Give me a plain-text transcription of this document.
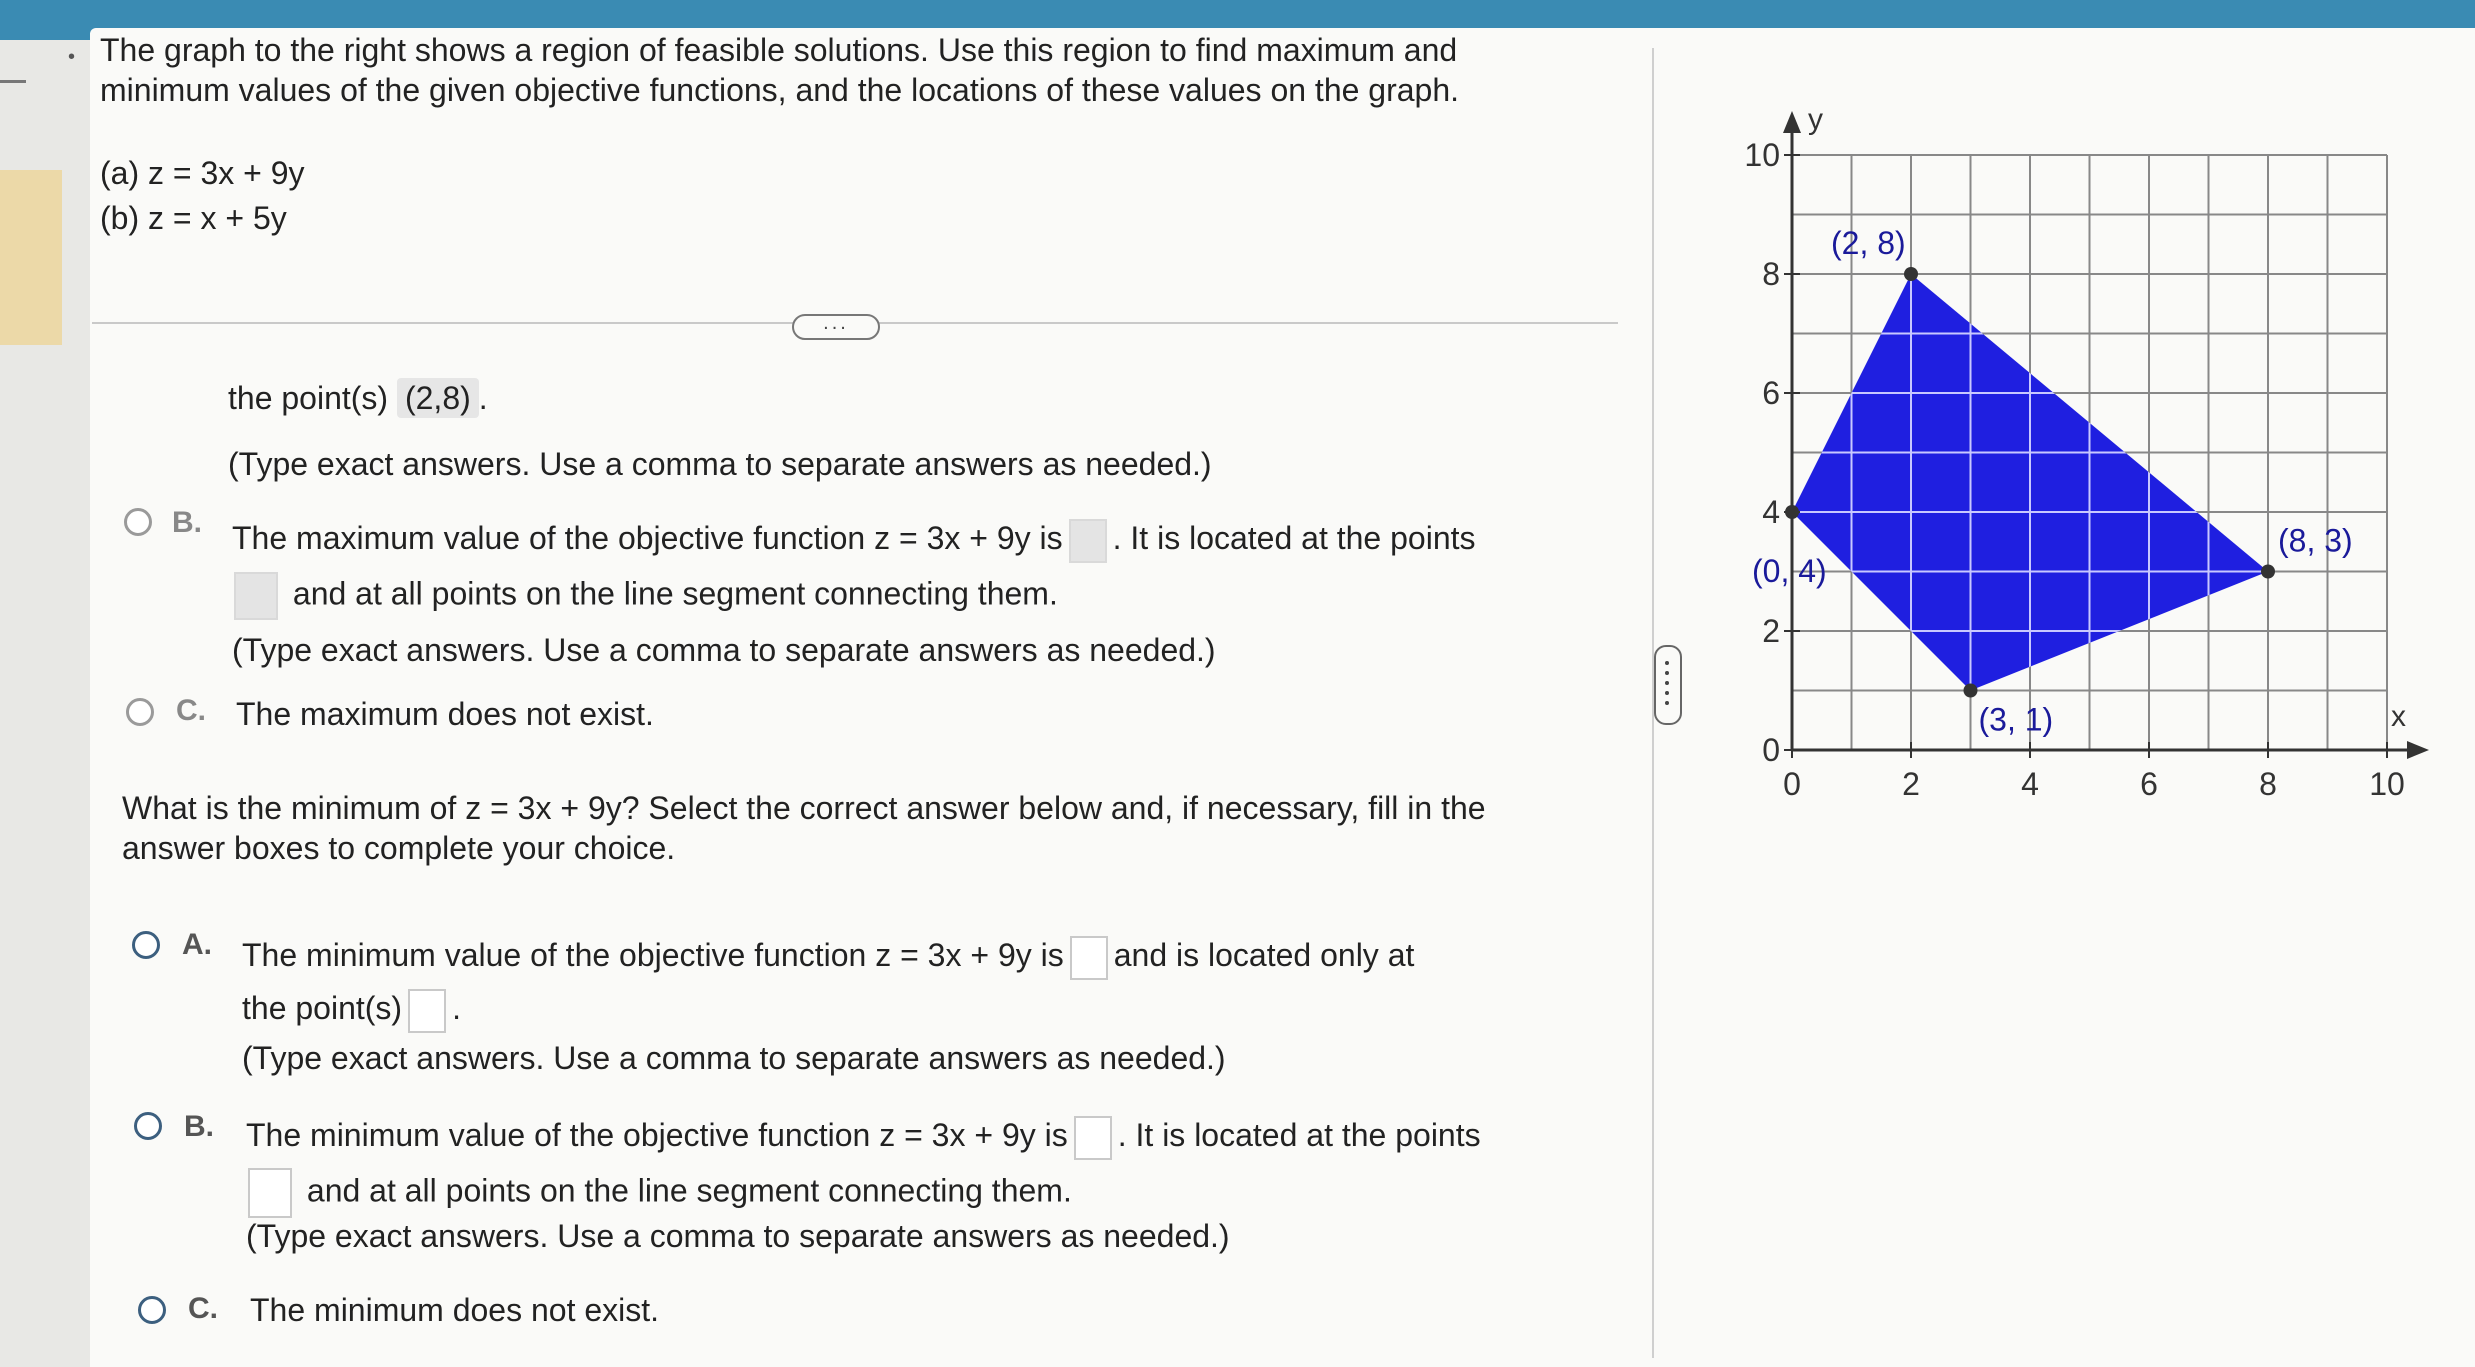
• The graph to the right shows a region of feasible solutions. Use this region to find maximum and
minimum values of the given objective functions, and the locations of these values on the graph.
(a) z = 3x + 9y
(b) z = x + 5y
...
the point(s) (2,8) .
(Type exact answers. Use a comma to separate answers as needed.)
B. The maximum value of the objective function z = 3x + 9y is . It is located at the points
and at all points on the line segment connecting them.
(Type exact answers. Use a comma to separate answers as needed.)
C. The maximum does not exist.
What is the minimum of z = 3x + 9y? Select the correct answer below and, if necessary, fill in the
answer boxes to complete your choice.
A. The minimum value of the objective function z = 3x + 9y is and is located only at
the point(s) .
(Type exact answers. Use a comma to separate answers as needed.)
B. The minimum value of the objective function z = 3x + 9y is . It is located at the points
and at all points on the line segment connecting them.
(Type exact answers. Use a comma to separate answers as needed.)
C. The minimum does not exist.
x
y
0	2	4	6	8	10
0
2
4
6
8
10
(0, 4)
(2, 8)
(8, 3)
(3, 1)
